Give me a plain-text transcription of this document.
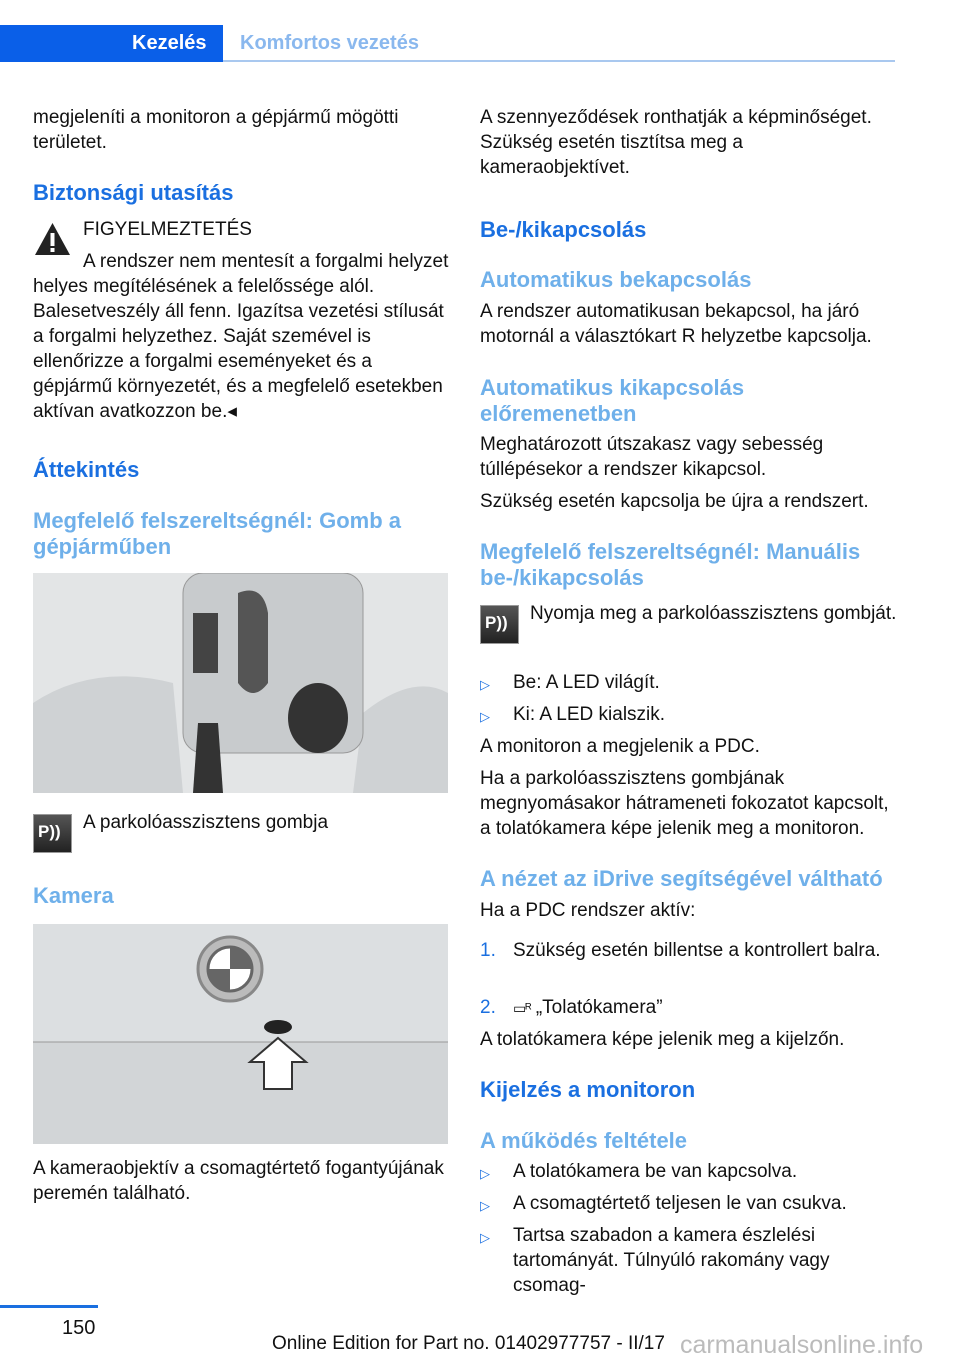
Kezelés	Komfortos vezetés

megjeleníti a monitoron a gépjármű mögötti területet.

Biztonsági utasítás

FIGYELMEZTETÉS

A rendszer nem mentesít a forgalmi helyzet helyes megítélésének a felelőssége alól. Balesetveszély áll fenn. Igazítsa vezetési stílusát a forgalmi helyzethez. Saját szemével is ellenőrizze a forgalmi eseményeket és a gépjármű környezetét, és a megfelelő esetekben aktívan avatkozzon be.◂

Áttekintés
Megfelelő felszereltségnél: Gomb a gépjárműben
P))	A parkolóasszisztens gombja

Kamera

A kameraobjektív a csomagtértető fogantyújának peremén található.

A szennyeződések ronthatják a képminőséget. Szükség esetén tisztítsa meg a kameraobjektívet.

Be-/kikapcsolás
Automatikus bekapcsolás

A rendszer automatikusan bekapcsol, ha járó motornál a választókart R helyzetbe kapcsolja.

Automatikus kikapcsolás előremenetben

Meghatározott útszakasz vagy sebesség túllépésekor a rendszer kikapcsol.

Szükség esetén kapcsolja be újra a rendszert.

Megfelelő felszereltségnél: Manuális be-/kikapcsolás
P))	Nyomja meg a parkolóasszisztens gombját.

▷ Be: A LED világít.
▷ Ki: A LED kialszik.

A monitoron a megjelenik a PDC.

Ha a parkolóasszisztens gombjának megnyomásakor hátrameneti fokozatot kapcsolt, a tolatókamera képe jelenik meg a monitoron.

A nézet az iDrive segítségével váltható

Ha a PDC rendszer aktív:

1. Szükség esetén billentse a kontrollert balra.
2. ▭ᴿ „Tolatókamera”

A tolatókamera képe jelenik meg a kijelzőn.

Kijelzés a monitoron
A működés feltétele
▷ A tolatókamera be van kapcsolva.
▷ A csomagtértető teljesen le van csukva.
▷ Tartsa szabadon a kamera észlelési tartományát. Túlnyúló rakomány vagy csomag-
150
Online Edition for Part no. 01402977757 - II/17 carmanualsonline.info
